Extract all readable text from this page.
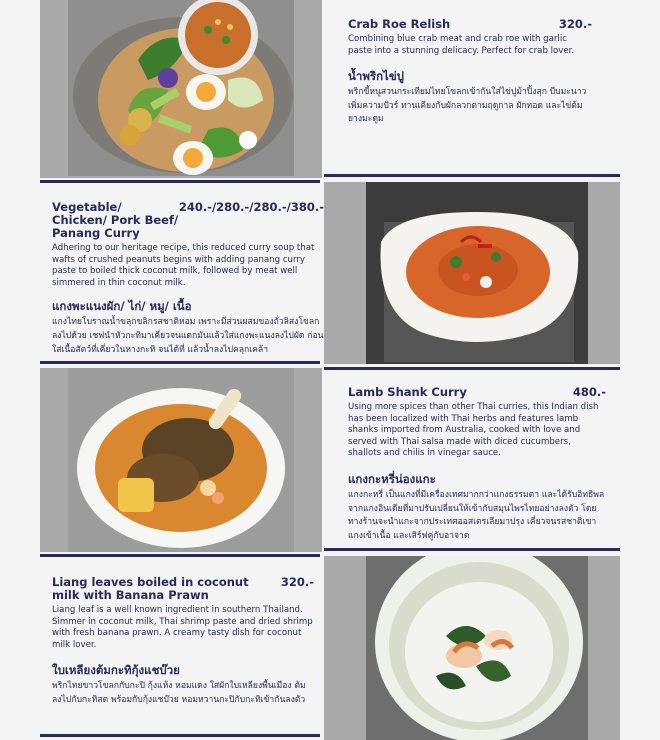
Crab Roe Relish	320.-
Combining blue crab meat and crab roe with garlic paste into a stunning delicacy. Perfect for crab lover.
น้ำพริกไข่ปู
พริกขี้หนูสวนกระเทียมไทยโขลกเข้ากันใส่ไข่ปูม้าปิ้งสุก บีบมะนาวเพิ่มความปัวร์ ทานเคียงกับผักลวกตามฤดูกาล ผักทอด และไข่ต้มยางมะตูม
Vegetable/ Chicken/ Pork Beef/ Panang Curry
240.-/280.-/280.-/380.-
Adhering to our heritage recipe, this reduced curry soup that wafts of crushed peanuts begins with adding panang curry paste to boiled thick coconut milk, followed by meat well simmered in thin coconut milk.
แกงพะแนงผัก/ ไก่/ หมู/ เนื้อ
แกงไทยโบราณน้ำขลุกขลิกรสชาติหอม เพราะมีส่วนผสมของถั่วลิสงโขลกลงไปด้วย เชฟนำหัวกะทิมาเคี่ยวจนแตกมันแล้วใส่แกงพะแนงลงไปผัด ก่อนใส่เนื้อสัตว์ที่เคี่ยวในหางกะทิ จนได้ที่ แล้วน้ำลงไปคลุกเคล้า
Lamb Shank Curry	480.-
Using more spices than other Thai curries, this Indian dish has been localized with Thai herbs and features lamb shanks imported from Australia, cooked with love and served with Thai salsa made with diced cucumbers, shallots and chilis in vinegar sauce.
แกงกะหรี่น่องแกะ
แกงกะหรี่ เป็นแกงที่มีเครื่องเทศมากกว่าแกงธรรมดา และได้รับอิทธิพลจากแกงอินเดียที่มาปรับเปลี่ยนให้เข้ากับสมุนไพรไทยอย่างลงตัว โดยทางร้านจะนำแกะจากประเทศออสเตรเลียมาปรุง เคี่ยวจนรสชาติเขาแกงเข้าเนื้อ และเสิร์ฟคู่กับอาจาด
Liang leaves boiled in coconut milk with Banana Prawn
320.-
Liang leaf is a well known ingredient in southern Thailand. Simmer in coconut milk, Thai shrimp paste and dried shrimp with fresh banana prawn. A creamy tasty dish for coconut milk lover.
ใบเหลียงต้มกะทิกุ้งแชบ๊วย
พริกไทยขาวโขลกกับกะปิ กุ้งแห้ง หอมแดง ใส่ผักใบเหลียงพื้นเมือง ต้มลงไปกับกะทิสด พร้อมกับกุ้งแชบ๊วย หอมหวานกะปิกับกะทิเข้ากันลงตัว
